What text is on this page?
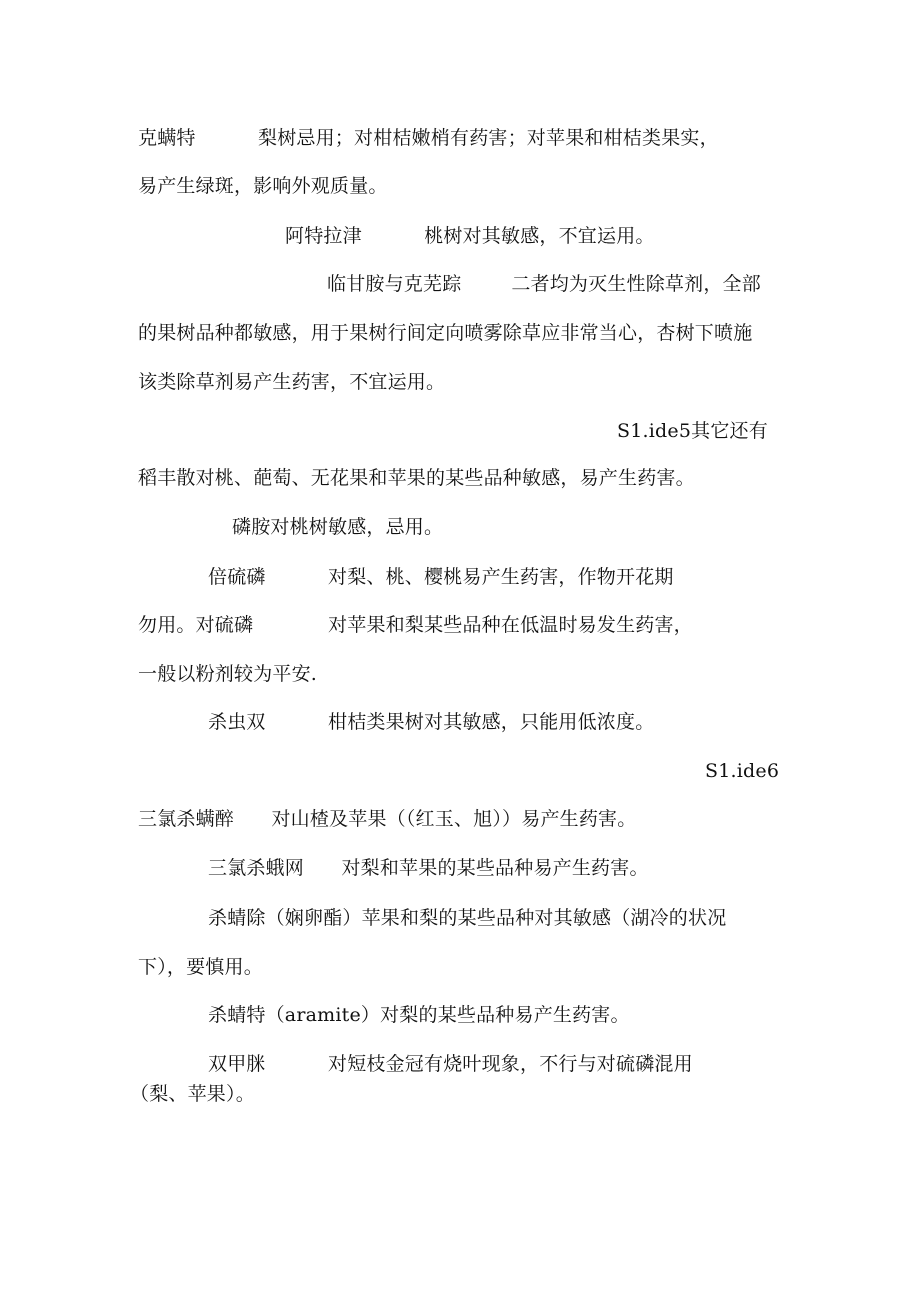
克螨特          梨树忌用；对柑桔嫩梢有药害；对苹果和柑桔类果实，
易产生绿斑，影响外观质量。
阿特拉津          桃树对其敏感，不宜运用。
临甘胺与克芜踪        二者均为灭生性除草剂，全部
的果树品种都敏感，用于果树行间定向喷雾除草应非常当心，杏树下喷施
该类除草剂易产生药害，不宜运用。
S1.ide5其它还有
稻丰散对桃、葩萄、无花果和苹果的某些品种敏感，易产生药害。
磷胺对桃树敏感，忌用。
倍硫磷          对梨、桃、樱桃易产生药害，作物开花期
勿用。对硫磷            对苹果和梨某些品种在低温时易发生药害，
一般以粉剂较为平安.
杀虫双          柑桔类果树对其敏感，只能用低浓度。
S1.ide6
三氯杀螨醉      对山楂及苹果（（红玉、旭））易产生药害。
三氯杀蛾网      对梨和苹果的某些品种易产生药害。
杀蜻除（娴卵酯）苹果和梨的某些品种对其敏感（湖冷的状况
下），要慎用。
杀蜻特（aramite）对梨的某些品种易产生药害。
双甲脒          对短枝金冠有烧叶现象，不行与对硫磷混用
（梨、苹果）。
